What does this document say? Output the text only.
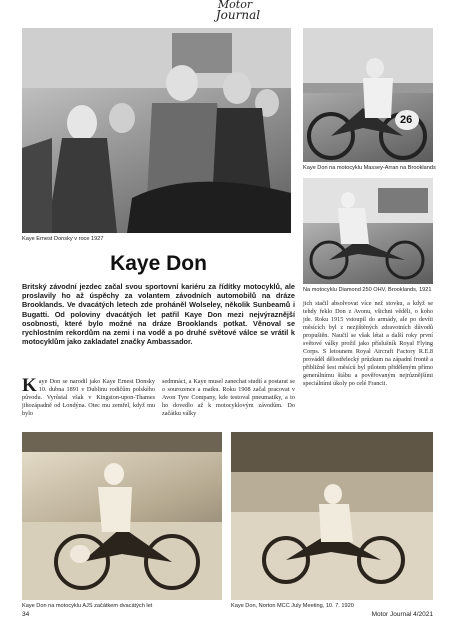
Motor
Journal
Kaye Ernest Donsky v roce 1927
26
Kaye Don na motocyklu Massey-Arran na Brooklands
Na motocyklu Diamond 250 OHV, Brooklands, 1921
Kaye Don
Britský závodní jezdec začal svou sportovní kariéru za řídítky motocyklů, ale proslavily ho až úspěchy za volantem závodních automobilů na dráze Brooklands. Ve dvacátých letech zde proháněl Wolseley, několik Sunbeamů i Bugatti. Od poloviny dvacátých let patřil Kaye Don mezi nejvýraznější osobnosti, které bylo možné na dráze Brooklands potkat. Věnoval se rychlostním rekordům na zemi i na vodě a po druhé světové válce se vrátil k motocyklům jako zakladatel značky Ambassador.
K aye Don se narodil jako Kaye Ernest Donsky 10. dubna 1891 v Dublinu rodičům polského původu. Vyrůstal však v Kingston-upon-Thames jihozápadně od Londýna. Otec mu zemřel, když mu bylo
sedmnáct, a Kaye musel zanechat studií a postarat se o sourozence a matku. Roku 1908 začal pracovat v Avon Tyre Company, kde testoval pneumatiky, a to ho dovedlo až k motocyklovým závodům. Do začátku války
jich stačil absolvovat více než stovku, a když se tehdy řeklo Don z Avonu, všichni věděli, o koho jde. Roku 1915 vstoupil do armády, ale po devíti měsících byl z nezjištěných zdravotních důvodů propuštěn. Naučil se však létat a další roky první světové války prožil jako příslušník Royal Flying Corps. S letounem Royal Aircraft Factory R.E.8 prováděl dělostřelecký průzkum na západní frontě a přibližně šest měsíců byl pilotem přiděleným přímo generálnímu štábu a pověřovaným nejrůznějšími speciálními úkoly po celé Francii.
Kaye Don na motocyklu AJS začátkem dvacátých let	Kaye Don, Norton MCC July Meeting, 10. 7. 1920
34	Motor Journal 4/2021
